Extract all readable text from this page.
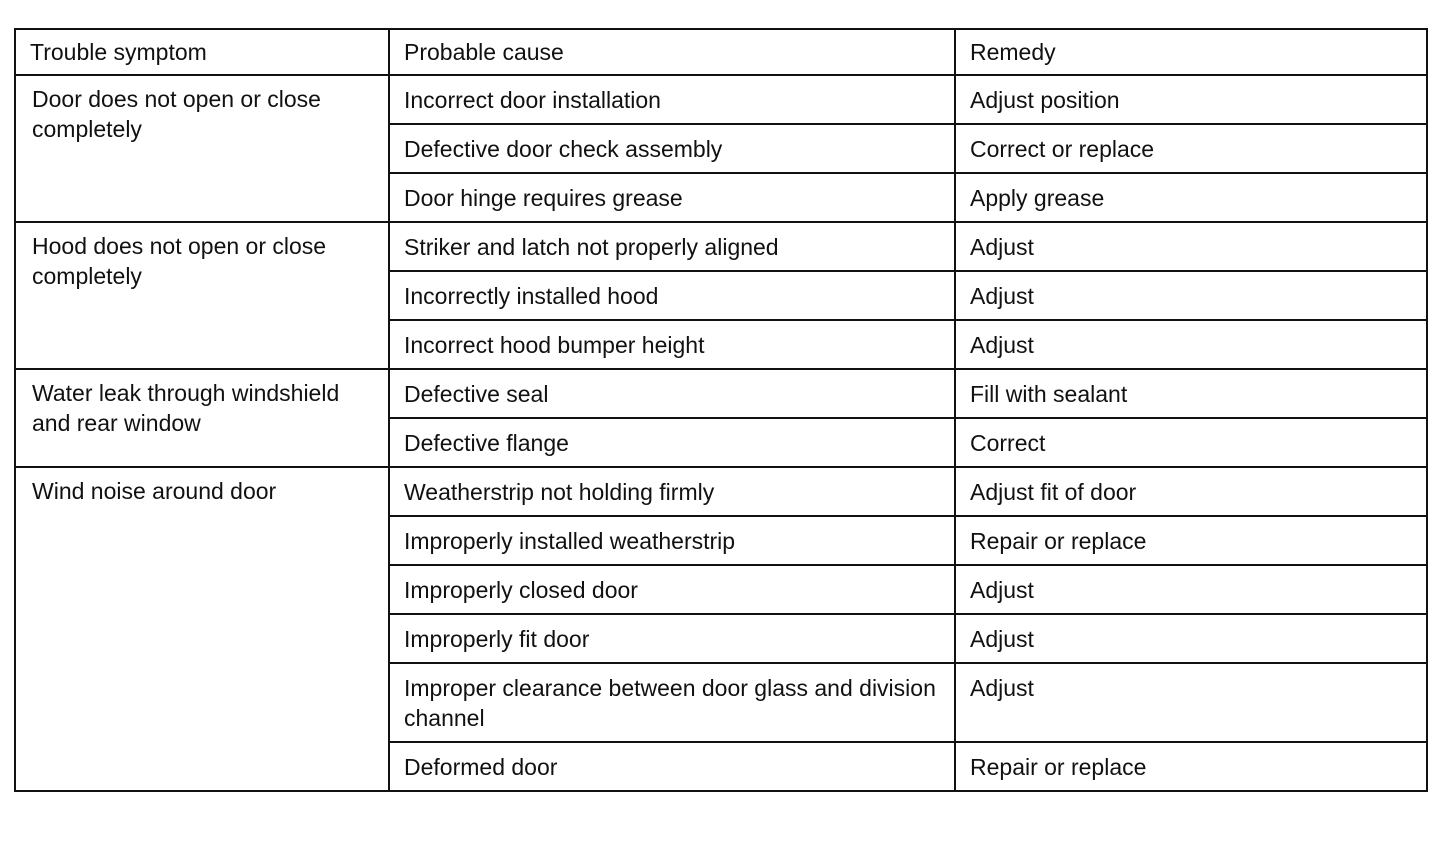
Trouble symptom	Probable cause	Remedy
Door does not open or close completely	Incorrect door installation	Adjust position
	Defective door check assembly	Correct or replace
	Door hinge requires grease	Apply grease
Hood does not open or close completely	Striker and latch not properly aligned	Adjust
	Incorrectly installed hood	Adjust
	Incorrect hood bumper height	Adjust
Water leak through windshield and rear window	Defective seal	Fill with sealant
	Defective flange	Correct
Wind noise around door	Weatherstrip not holding firmly	Adjust fit of door
	Improperly installed weatherstrip	Repair or replace
	Improperly closed door	Adjust
	Improperly fit door	Adjust
	Improper clearance between door glass and division channel	Adjust
	Deformed door	Repair or replace
